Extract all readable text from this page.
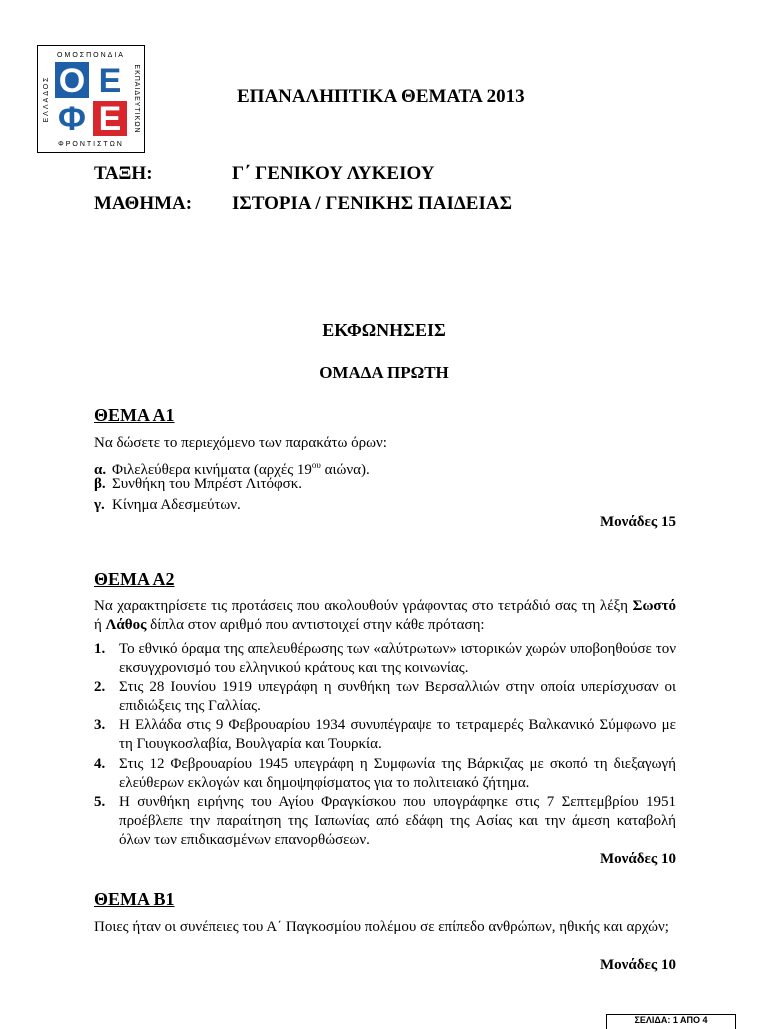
Ο Ε
Φ Ε
ΟΜΟΣΠΟΝΔΙΑ
ΦΡΟΝΤΙΣΤΩΝ
ΕΚΠΑΙΔΕΥΤΙΚΩΝ
ΕΛΛΑΔΟΣ	ΕΠΑΝΑΛΗΠΤΙΚΑ ΘΕΜΑΤΑ 2013
ΤΑΞΗ:	Γ΄ ΓΕΝΙΚΟΥ ΛΥΚΕΙΟΥ
ΜΑΘΗΜΑ: ΙΣΤΟΡΙΑ / ΓΕΝΙΚΗΣ ΠΑΙΔΕΙΑΣ
ΕΚΦΩΝΗΣΕΙΣ
ΟΜΑΔΑ ΠΡΩΤΗ
ΘΕΜΑ Α1
Να δώσετε το περιεχόμενο των παρακάτω όρων:
α. Φιλελεύθερα κινήματα (αρχές $19^{o\upsilon}$ αιώνα).
β. Συνθήκη του Μπρέστ Λιτόφσκ.
γ. Κίνημα Αδεσμεύτων.
Μονάδες 15
ΘΕΜΑ Α2
Να χαρακτηρίσετε τις προτάσεις που ακολουθούν γράφοντας στο τετράδιό σας τη λέξη Σωστό ή Λάθος δίπλα στον αριθμό που αντιστοιχεί στην κάθε πρόταση:
1. Το εθνικό όραμα της απελευθέρωσης των «αλύτρωτων» ιστορικών χωρών υποβοηθούσε τον εκσυγχρονισμό του ελληνικού κράτους και της κοινωνίας.
2. Στις 28 Ιουνίου 1919 υπεγράφη η συνθήκη των Βερσαλλιών στην οποία υπερίσχυσαν οι επιδιώξεις της Γαλλίας.
3. Η Ελλάδα στις 9 Φεβρουαρίου 1934 συνυπέγραψε το τετραμερές Βαλκανικό Σύμφωνο με τη Γιουγκοσλαβία, Βουλγαρία και Τουρκία.
4. Στις 12 Φεβρουαρίου 1945 υπεγράφη η Συμφωνία της Βάρκιζας με σκοπό τη διεξαγωγή ελεύθερων εκλογών και δημοψηφίσματος για το πολιτειακό ζήτημα.
5. Η συνθήκη ειρήνης του Αγίου Φραγκίσκου που υπογράφηκε στις 7 Σεπτεμβρίου 1951 προέβλεπε την παραίτηση της Ιαπωνίας από εδάφη της Ασίας και την άμεση καταβολή όλων των επιδικασμένων επανορθώσεων.
Μονάδες 10
ΘΕΜΑ Β1
Ποιες ήταν οι συνέπειες του Α΄ Παγκοσμίου πολέμου σε επίπεδο ανθρώπων, ηθικής και αρχών;
Μονάδες 10
ΣΕΛΙΔΑ: 1 ΑΠΟ 4
